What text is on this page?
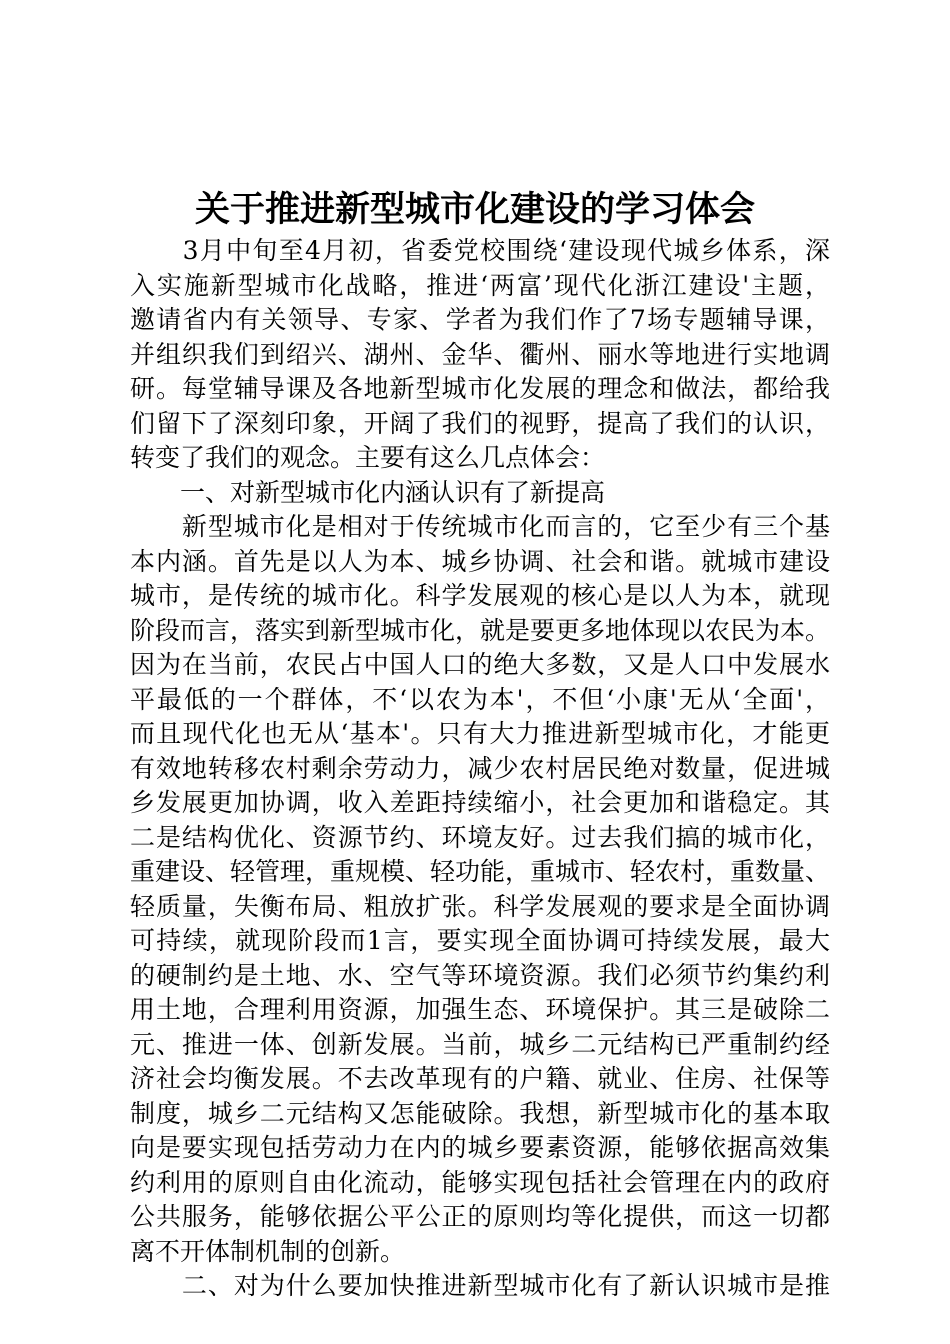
关于推进新型城市化建设的学习体会
　　3月中旬至4月初，省委党校围绕‘建设现代城乡体系，深
入实施新型城市化战略，推进‘两富’现代化浙江建设'主题，
邀请省内有关领导、专家、学者为我们作了7场专题辅导课，
并组织我们到绍兴、湖州、金华、衢州、丽水等地进行实地调
研。每堂辅导课及各地新型城市化发展的理念和做法，都给我
们留下了深刻印象，开阔了我们的视野，提高了我们的认识，
转变了我们的观念。主要有这么几点体会：
　　一、对新型城市化内涵认识有了新提高
　　新型城市化是相对于传统城市化而言的，它至少有三个基
本内涵。首先是以人为本、城乡协调、社会和谐。就城市建设
城市，是传统的城市化。科学发展观的核心是以人为本，就现
阶段而言，落实到新型城市化，就是要更多地体现以农民为本。
因为在当前，农民占中国人口的绝大多数，又是人口中发展水
平最低的一个群体，不‘以农为本'，不但‘小康'无从‘全面'，
而且现代化也无从‘基本'。只有大力推进新型城市化，才能更
有效地转移农村剩余劳动力，减少农村居民绝对数量，促进城
乡发展更加协调，收入差距持续缩小，社会更加和谐稳定。其
二是结构优化、资源节约、环境友好。过去我们搞的城市化，
重建设、轻管理，重规模、轻功能，重城市、轻农村，重数量、
轻质量，失衡布局、粗放扩张。科学发展观的要求是全面协调
可持续，就现阶段而1言，要实现全面协调可持续发展，最大
的硬制约是土地、水、空气等环境资源。我们必须节约集约利
用土地，合理利用资源，加强生态、环境保护。其三是破除二
元、推进一体、创新发展。当前，城乡二元结构已严重制约经
济社会均衡发展。不去改革现有的户籍、就业、住房、社保等
制度，城乡二元结构又怎能破除。我想，新型城市化的基本取
向是要实现包括劳动力在内的城乡要素资源，能够依据高效集
约利用的原则自由化流动，能够实现包括社会管理在内的政府
公共服务，能够依据公平公正的原则均等化提供，而这一切都
离不开体制机制的创新。
　　二、对为什么要加快推进新型城市化有了新认识城市是推
